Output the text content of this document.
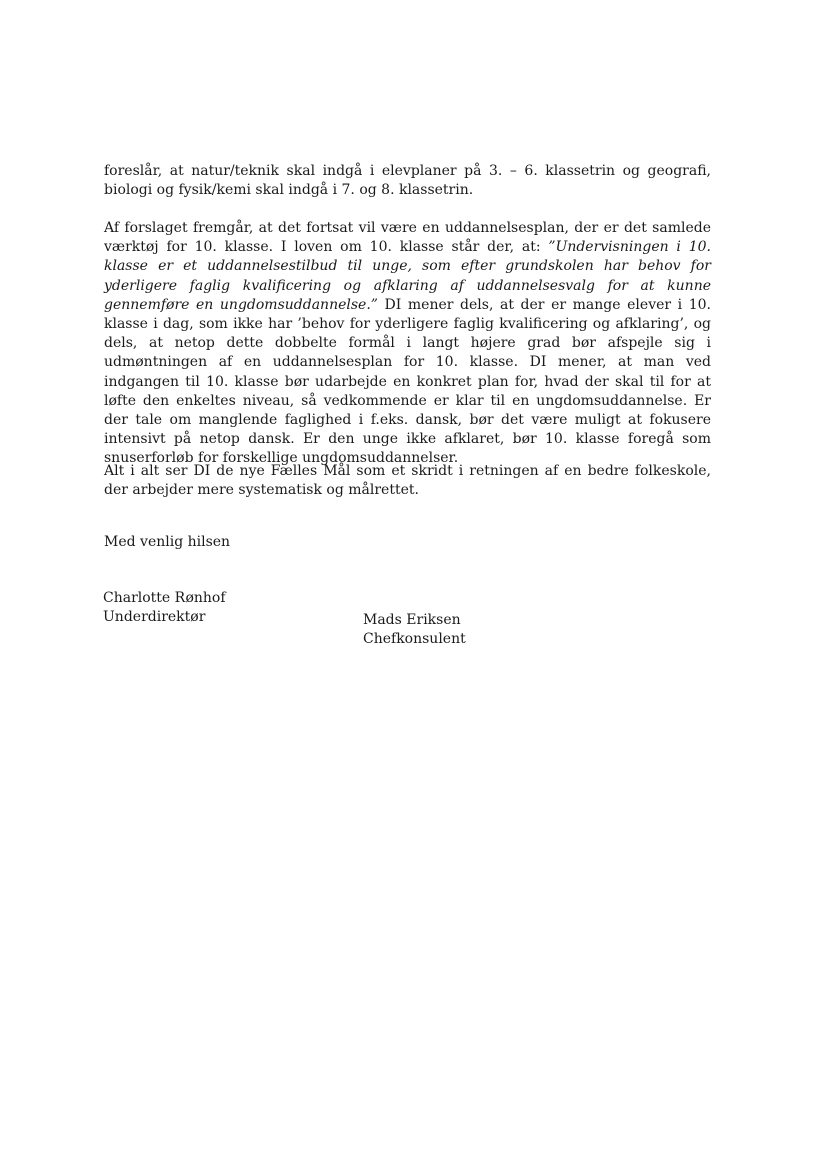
foreslår, at natur/teknik skal indgå i elevplaner på 3. – 6. klassetrin og geografi, biologi og fysik/kemi skal indgå i 7. og 8. klassetrin.

Af forslaget fremgår, at det fortsat vil være en uddannelsesplan, der er det samlede værktøj for 10. klasse. I loven om 10. klasse står der, at: ”Undervisningen i 10. klasse er et uddannelsestilbud til unge, som efter grundskolen har behov for yderligere faglig kvalificering og afklaring af uddannelsesvalg for at kunne gennemføre en ungdomsuddannelse.” DI mener dels, at der er mange elever i 10. klasse i dag, som ikke har ’behov for yderligere faglig kvalificering og afklaring’, og dels, at netop dette dobbelte formål i langt højere grad bør afspejle sig i udmøntningen af en uddannelsesplan for 10. klasse. DI mener, at man ved indgangen til 10. klasse bør udarbejde en konkret plan for, hvad der skal til for at løfte den enkeltes niveau, så vedkommende er klar til en ungdomsuddannelse. Er der tale om manglende faglighed i f.eks. dansk, bør det være muligt at fokusere intensivt på netop dansk. Er den unge ikke afklaret, bør 10. klasse foregå som snuserforløb for forskellige ungdomsuddannelser.

Alt i alt ser DI de nye Fælles Mål som et skridt i retningen af en bedre folkeskole, der arbejder mere systematisk og målrettet.

Med venlig hilsen

Charlotte Rønhof
Underdirektør	Mads Eriksen
Chefkonsulent
